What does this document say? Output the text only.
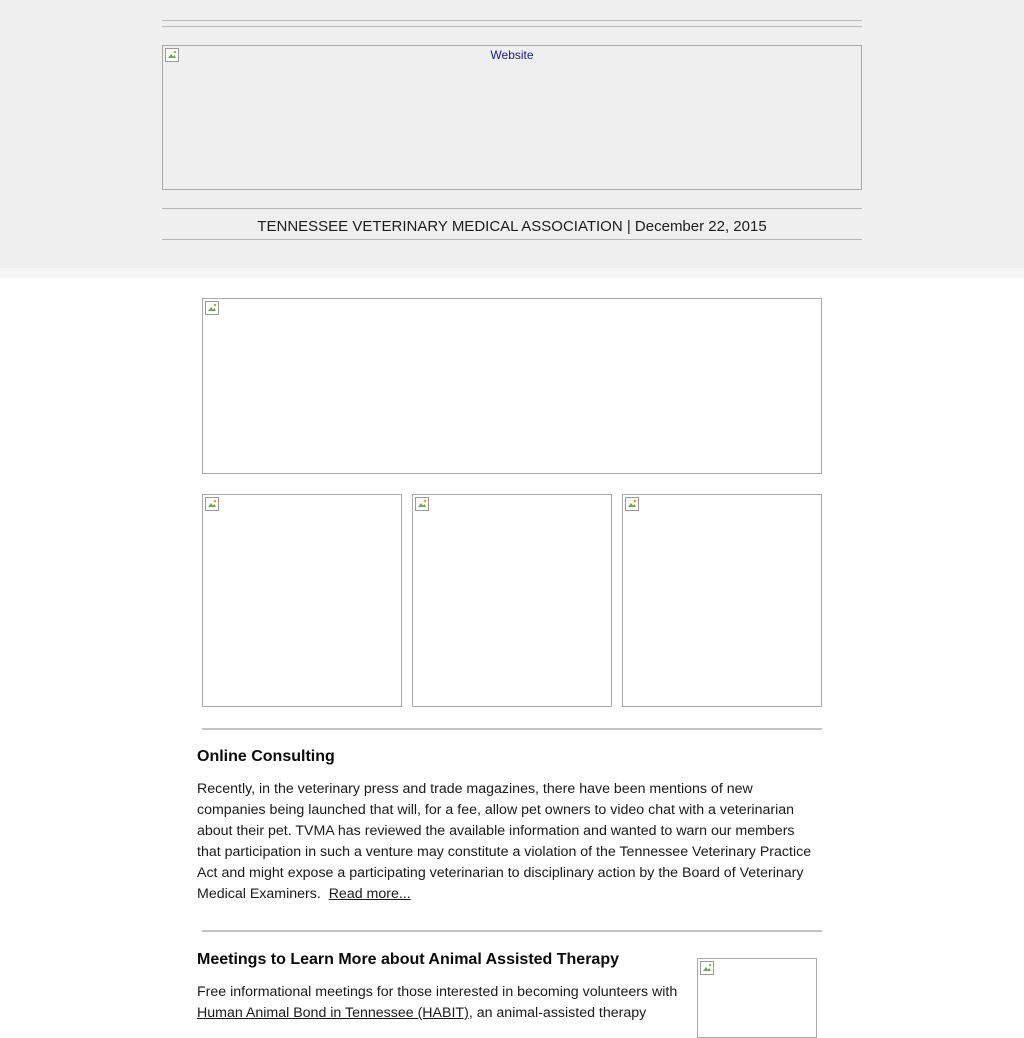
Website
TENNESSEE VETERINARY MEDICAL ASSOCIATION | December 22, 2015
Online Consulting

Recently, in the veterinary press and trade magazines, there have been mentions of new companies being launched that will, for a fee, allow pet owners to video chat with a veterinarian about their pet. TVMA has reviewed the available information and wanted to warn our members that participation in such a venture may constitute a violation of the Tennessee Veterinary Practice Act and might expose a participating veterinarian to disciplinary action by the Board of Veterinary Medical Examiners. Read more...

Meetings to Learn More about Animal Assisted Therapy

Free informational meetings for those interested in becoming volunteers with Human Animal Bond in Tennessee (HABIT), an animal-assisted therapy
